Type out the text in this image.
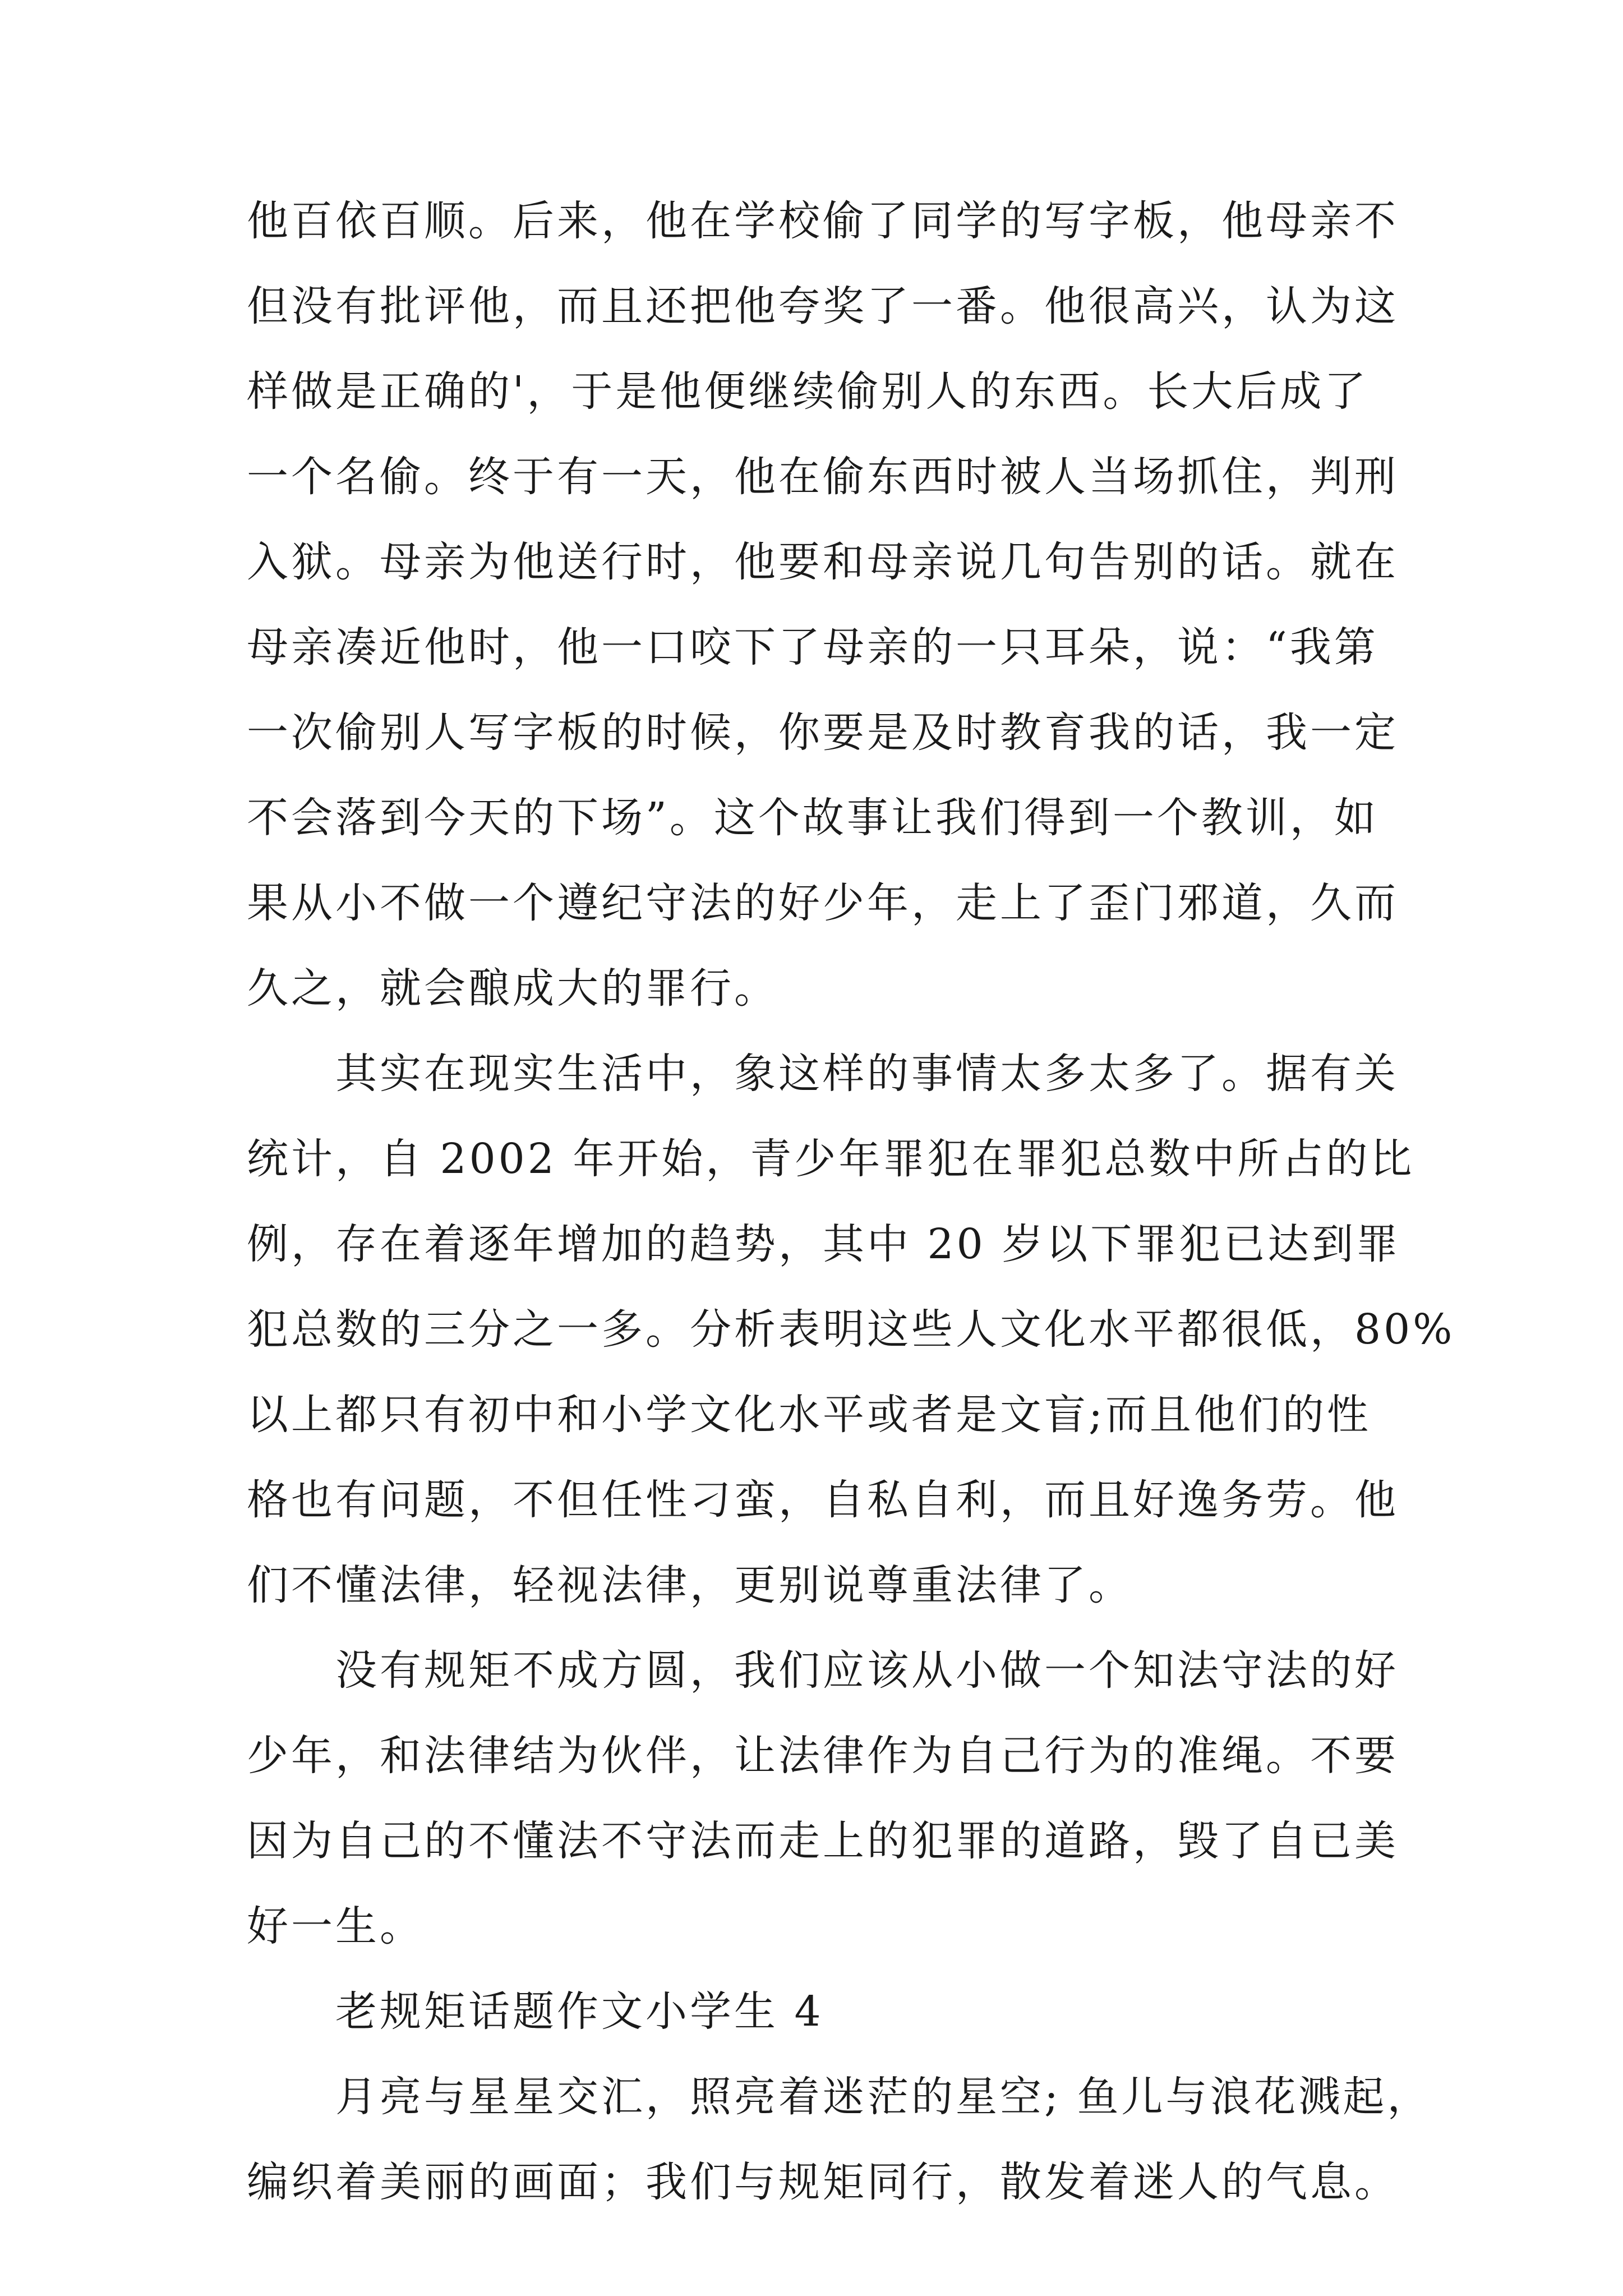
他百依百顺。后来，他在学校偷了同学的写字板，他母亲不
但没有批评他，而且还把他夸奖了一番。他很高兴，认为这
样做是正确的'，于是他便继续偷别人的东西。长大后成了
一个名偷。终于有一天，他在偷东西时被人当场抓住，判刑
入狱。母亲为他送行时，他要和母亲说几句告别的话。就在
母亲凑近他时，他一口咬下了母亲的一只耳朵，说：“我第
一次偷别人写字板的时候，你要是及时教育我的话，我一定
不会落到今天的下场”。这个故事让我们得到一个教训，如
果从小不做一个遵纪守法的好少年，走上了歪门邪道，久而
久之，就会酿成大的罪行。
其实在现实生活中，象这样的事情太多太多了。据有关
统计，自 2002 年开始，青少年罪犯在罪犯总数中所占的比
例，存在着逐年增加的趋势，其中 20 岁以下罪犯已达到罪
犯总数的三分之一多。分析表明这些人文化水平都很低，80%
以上都只有初中和小学文化水平或者是文盲;而且他们的性
格也有问题，不但任性刁蛮，自私自利，而且好逸务劳。他
们不懂法律，轻视法律，更别说尊重法律了。
没有规矩不成方圆，我们应该从小做一个知法守法的好
少年，和法律结为伙伴，让法律作为自己行为的准绳。不要
因为自己的不懂法不守法而走上的犯罪的道路，毁了自已美
好一生。
老规矩话题作文小学生 4
月亮与星星交汇，照亮着迷茫的星空; 鱼儿与浪花溅起，
编织着美丽的画面；我们与规矩同行，散发着迷人的气息。
